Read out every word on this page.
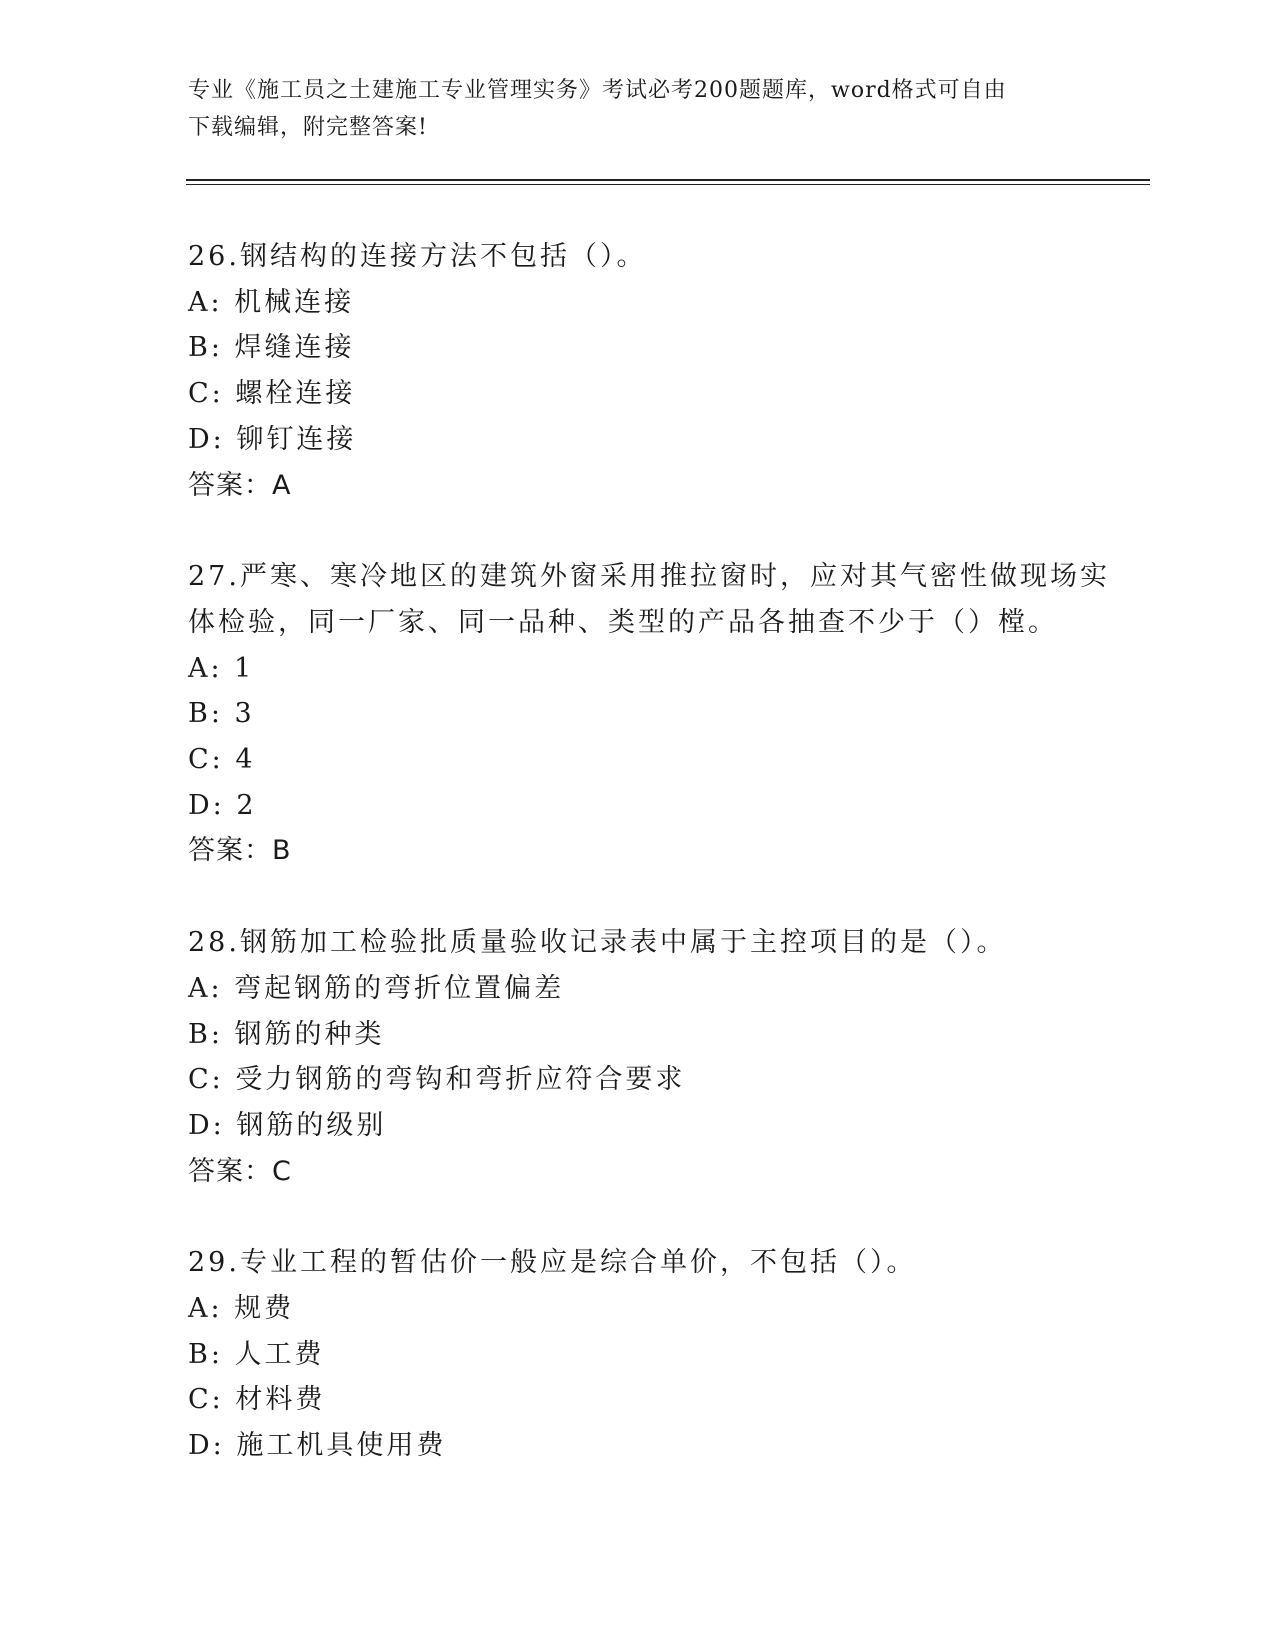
专业《施工员之土建施工专业管理实务》考试必考200题题库，word格式可自由
下载编辑，附完整答案!
26.钢结构的连接方法不包括（）。
A: 机械连接
B: 焊缝连接
C: 螺栓连接
D: 铆钉连接
答案：A
27.严寒、寒冷地区的建筑外窗采用推拉窗时，应对其气密性做现场实
体检验，同一厂家、同一品种、类型的产品各抽查不少于（）樘。
A: 1
B: 3
C: 4
D: 2
答案：B
28.钢筋加工检验批质量验收记录表中属于主控项目的是（）。
A: 弯起钢筋的弯折位置偏差
B: 钢筋的种类
C: 受力钢筋的弯钩和弯折应符合要求
D: 钢筋的级别
答案：C
29.专业工程的暂估价一般应是综合单价，不包括（）。
A: 规费
B: 人工费
C: 材料费
D: 施工机具使用费
